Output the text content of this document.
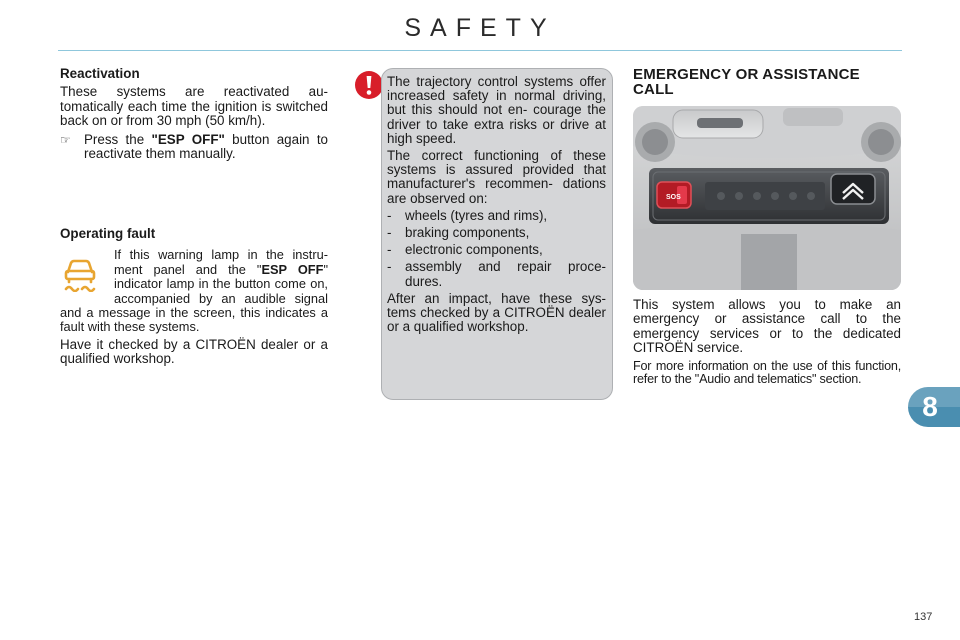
SAFETY

Reactivation

These systems are reactivated au- tomatically each time the ignition is switched back on or from 30 mph (50 km/h).

☞ Press the "ESP OFF" button again to reactivate them manually.

Operating fault

If this warning lamp in the instru- ment panel and the "ESP OFF" indicator lamp in the button come on, accompanied by an audible signal and a message in the screen, this indicates a fault with these systems.

Have it checked by a CITROËN dealer or a qualified workshop.

The trajectory control systems offer increased safety in normal driving, but this should not en- courage the driver to take extra risks or drive at high speed.

The correct functioning of these systems is assured provided that manufacturer's recommen- dations are observed on:

-	wheels (tyres and rims),
-	braking components,
-	electronic components,
-	assembly and repair proce- dures.

After an impact, have these sys- tems checked by a CITROËN dealer or a qualified workshop.

EMERGENCY OR ASSISTANCE CALL

SOS

This system allows you to make an emergency or assistance call to the emergency services or to the dedicated CITROËN service.

For more information on the use of this function, refer to the "Audio and telematics" section.

8
137
